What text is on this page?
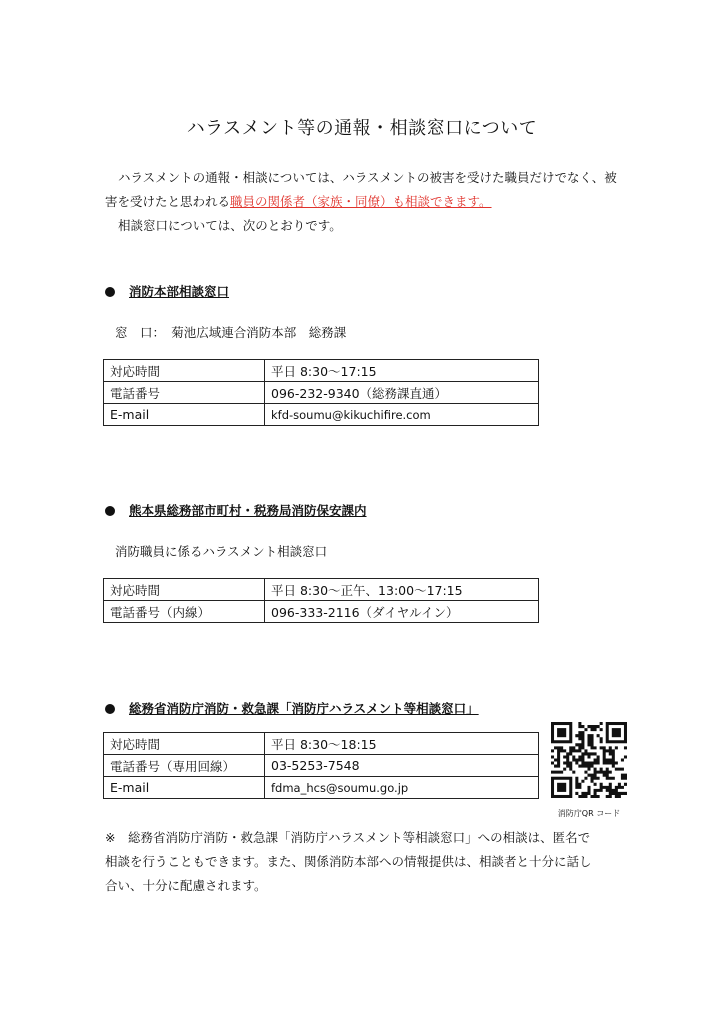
ハラスメント等の通報・相談窓口について

ハラスメントの通報・相談については、ハラスメントの被害を受けた職員だけでなく、被

害を受けたと思われる職員の関係者（家族・同僚）も相談できます。

相談窓口については、次のとおりです。

消防本部相談窓口
窓　口：　菊池広域連合消防本部　総務課
対応時間	平日 8:30～17:15
電話番号	096-232-9340（総務課直通）
E-mail	kfd-soumu@kikuchifire.com
熊本県総務部市町村・税務局消防保安課内
消防職員に係るハラスメント相談窓口
対応時間	平日 8:30～正午、13:00～17:15
電話番号（内線）	096-333-2116（ダイヤルイン）
総務省消防庁消防・救急課「消防庁ハラスメント等相談窓口」
対応時間	平日 8:30～18:15
電話番号（専用回線）	03-5253-7548
E-mail	fdma_hcs@soumu.go.jp
消防庁QR コード

※　総務省消防庁消防・救急課「消防庁ハラスメント等相談窓口」への相談は、匿名で

相談を行うこともできます。また、関係消防本部への情報提供は、相談者と十分に話し

合い、十分に配慮されます。
